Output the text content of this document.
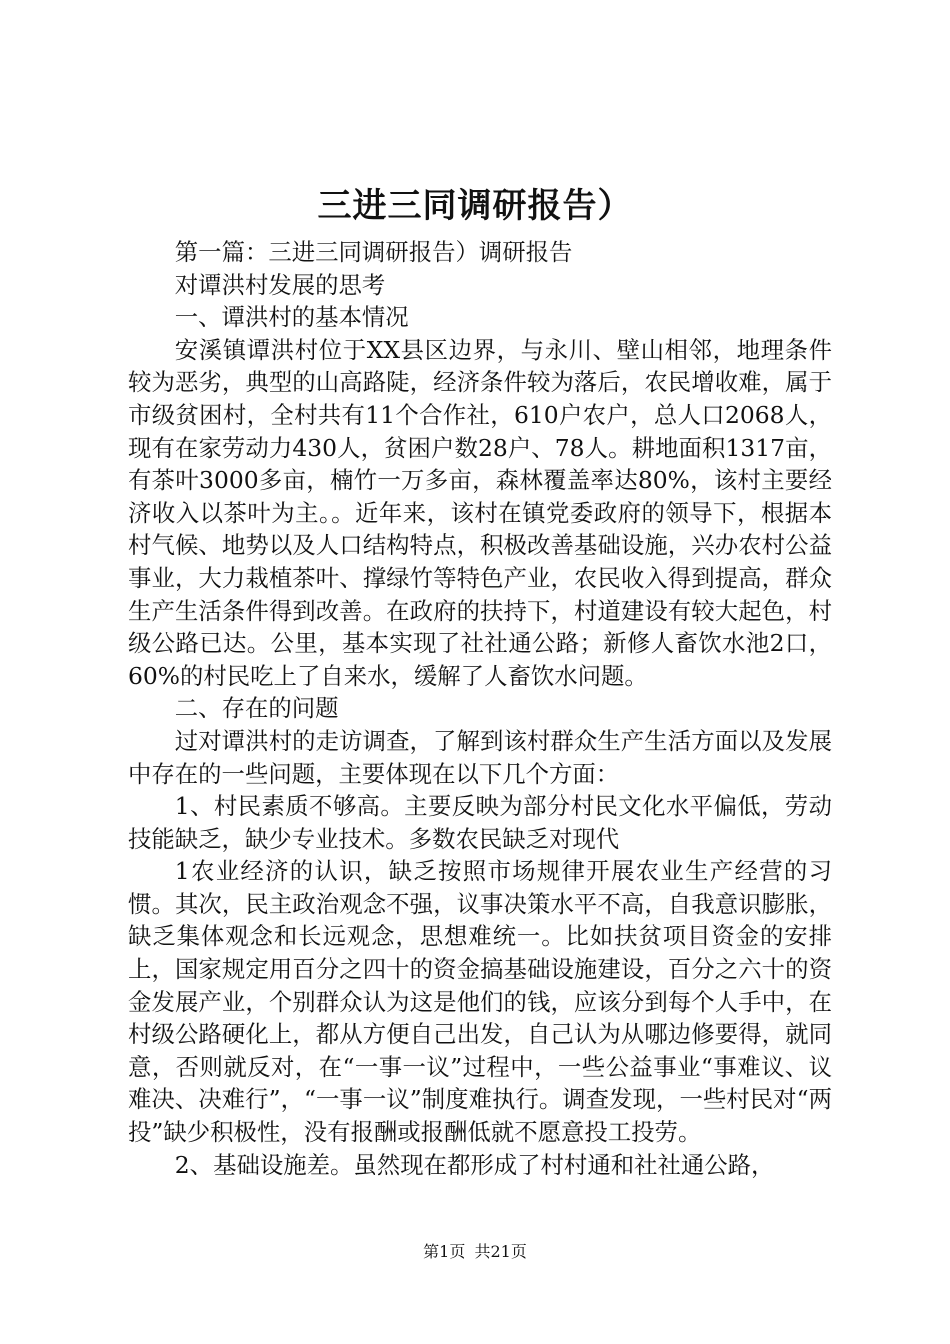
三进三同调研报告）

第一篇：三进三同调研报告）调研报告

对谭洪村发展的思考

一、谭洪村的基本情况

安溪镇谭洪村位于XX县区边界，与永川、壁山相邻，地理条件较为恶劣，典型的山高路陡，经济条件较为落后，农民增收难，属于市级贫困村，全村共有11个合作社，610户农户，总人口2068人，现有在家劳动力430人，贫困户数28户、78人。耕地面积1317亩，有茶叶3000多亩，楠竹一万多亩，森林覆盖率达80%，该村主要经济收入以茶叶为主。。近年来，该村在镇党委政府的领导下，根据本村气候、地势以及人口结构特点，积极改善基础设施，兴办农村公益事业，大力栽植茶叶、撑绿竹等特色产业，农民收入得到提高，群众生产生活条件得到改善。在政府的扶持下，村道建设有较大起色，村级公路已达。公里，基本实现了社社通公路；新修人畜饮水池2口，60%的村民吃上了自来水，缓解了人畜饮水问题。

二、存在的问题

过对谭洪村的走访调查，了解到该村群众生产生活方面以及发展中存在的一些问题，主要体现在以下几个方面：

1、村民素质不够高。主要反映为部分村民文化水平偏低，劳动技能缺乏，缺少专业技术。多数农民缺乏对现代

1农业经济的认识，缺乏按照市场规律开展农业生产经营的习惯。其次，民主政治观念不强，议事决策水平不高，自我意识膨胀，缺乏集体观念和长远观念，思想难统一。比如扶贫项目资金的安排上，国家规定用百分之四十的资金搞基础设施建设，百分之六十的资金发展产业，个别群众认为这是他们的钱，应该分到每个人手中，在村级公路硬化上，都从方便自己出发，自己认为从哪边修要得，就同意，否则就反对，在“一事一议”过程中，一些公益事业“事难议、议难决、决难行”，“一事一议”制度难执行。调查发现，一些村民对“两投”缺少积极性，没有报酬或报酬低就不愿意投工投劳。

2、基础设施差。虽然现在都形成了村村通和社社通公路，

第1页 共21页
